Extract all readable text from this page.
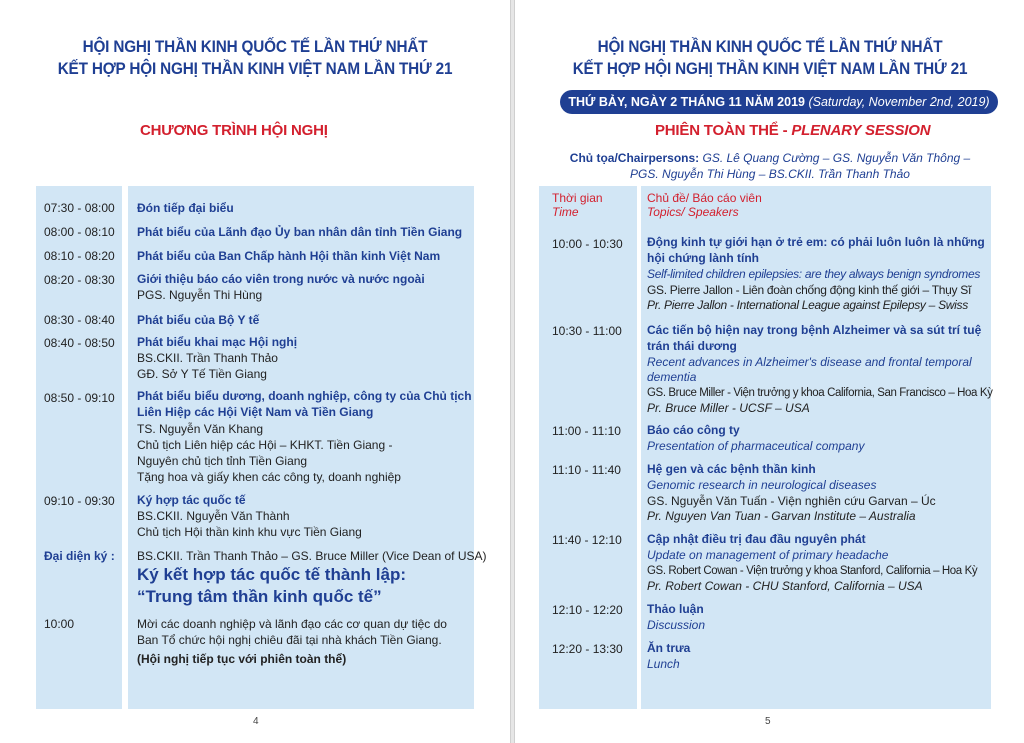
HỘI NGHỊ THẦN KINH QUỐC TẾ LẦN THỨ NHẤT
KẾT HỢP HỘI NGHỊ THẦN KINH VIỆT NAM LẦN THỨ 21
CHƯƠNG TRÌNH HỘI NGHỊ
07:30 - 08:00 Đón tiếp đại biểu
08:00 - 08:10 Phát biểu của Lãnh đạo Ủy ban nhân dân tỉnh Tiền Giang
08:10 - 08:20 Phát biểu của Ban Chấp hành Hội thần kinh Việt Nam
08:20 - 08:30 Giới thiệu báo cáo viên trong nước và nước ngoài
PGS. Nguyễn Thi Hùng
08:30 - 08:40 Phát biểu của Bộ Y tế
08:40 - 08:50 Phát biểu khai mạc Hội nghị
BS.CKII. Trần Thanh Thảo
GĐ. Sở Y Tế Tiền Giang
08:50 - 09:10 Phát biểu biểu dương, doanh nghiệp, công ty của Chủ tịch
Liên Hiệp các Hội Việt Nam và Tiền Giang
TS. Nguyễn Văn Khang
Chủ tịch Liên hiệp các Hội – KHKT. Tiền Giang -
Nguyên chủ tịch tỉnh Tiền Giang
Tặng hoa và giấy khen các công ty, doanh nghiệp
09:10 - 09:30 Ký hợp tác quốc tế
BS.CKII. Nguyễn Văn Thành
Chủ tịch Hội thần kinh khu vực Tiền Giang
Đại diện ký : BS.CKII. Trần Thanh Thảo – GS. Bruce Miller (Vice Dean of USA)
Ký kết hợp tác quốc tế thành lập:
“Trung tâm thần kinh quốc tế”
10:00	Mời các doanh nghiệp và lãnh đạo các cơ quan dự tiệc do
Ban Tổ chức hội nghị chiêu đãi tại nhà khách Tiền Giang.
(Hội nghị tiếp tục với phiên toàn thể)
4
HỘI NGHỊ THẦN KINH QUỐC TẾ LẦN THỨ NHẤT
KẾT HỢP HỘI NGHỊ THẦN KINH VIỆT NAM LẦN THỨ 21
THỨ BẢY, NGÀY 2 THÁNG 11 NĂM 2019 (Saturday, November 2nd, 2019)
PHIÊN TOÀN THỂ - PLENARY SESSION
Chủ tọa/Chairpersons: GS. Lê Quang Cường – GS. Nguyễn Văn Thông –
PGS. Nguyễn Thi Hùng – BS.CKII. Trần Thanh Thảo
Thời gian
Time
Chủ đề/ Báo cáo viên
Topics/ Speakers
10:00 - 10:30 Động kinh tự giới hạn ở trẻ em: có phải luôn luôn là những
hội chứng lành tính
Self-limited children epilepsies: are they always benign syndromes
GS. Pierre Jallon - Liên đoàn chống động kinh thế giới – Thụy Sĩ
Pr. Pierre Jallon - International League against Epilepsy – Swiss
10:30 - 11:00 Các tiến bộ hiện nay trong bệnh Alzheimer và sa sút trí tuệ
trán thái dương
Recent advances in Alzheimer's disease and frontal temporal
dementia
GS. Bruce Miller - Viện trưởng y khoa California, San Francisco – Hoa Kỳ
Pr. Bruce Miller - UCSF – USA
11:00 - 11:10 Báo cáo công ty
Presentation of pharmaceutical company
11:10 - 11:40 Hệ gen và các bệnh thần kinh
Genomic research in neurological diseases
GS. Nguyễn Văn Tuấn - Viện nghiên cứu Garvan – Úc
Pr. Nguyen Van Tuan - Garvan Institute – Australia
11:40 - 12:10 Cập nhật điều trị đau đầu nguyên phát
Update on management of primary headache
GS. Robert Cowan - Viện trưởng y khoa Stanford, California – Hoa Kỳ
Pr. Robert Cowan - CHU Stanford, California – USA
12:10 - 12:20 Thảo luận
Discussion
12:20 - 13:30 Ăn trưa
Lunch
5
